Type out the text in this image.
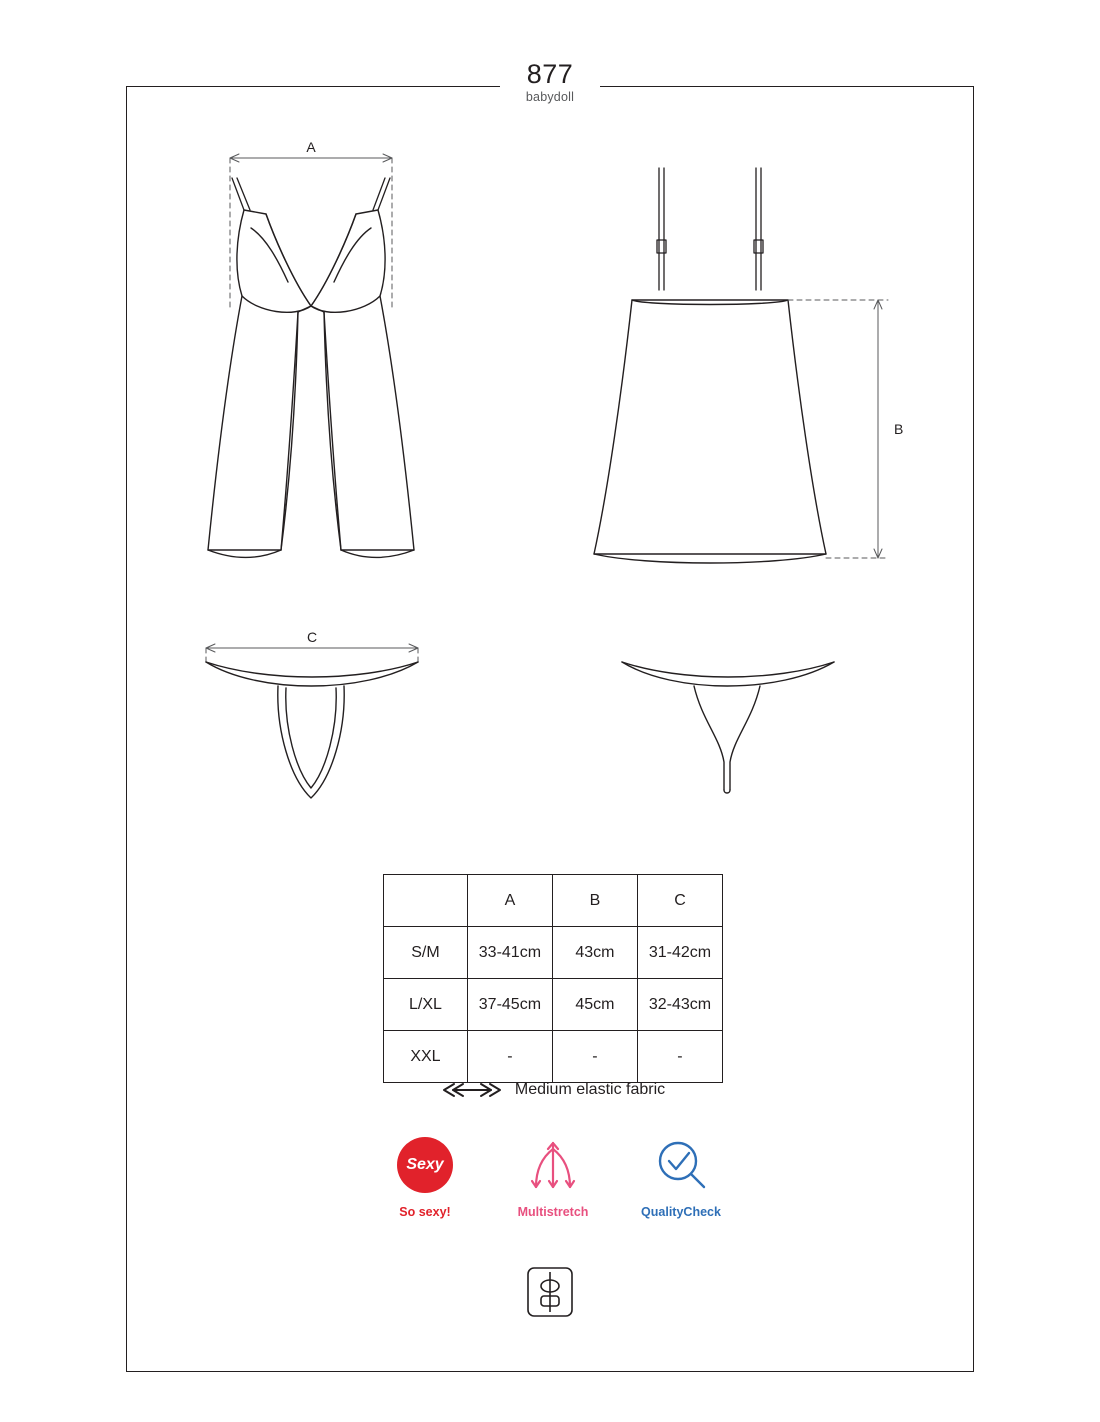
877
babydoll
A
B
C
	A	B	C
S/M	33-41cm	43cm	31-42cm
L/XL	37-45cm	45cm	32-43cm
XXL	-	-	-
Medium elastic fabric
Sexy
So sexy!	Multistretch	QualityCheck
